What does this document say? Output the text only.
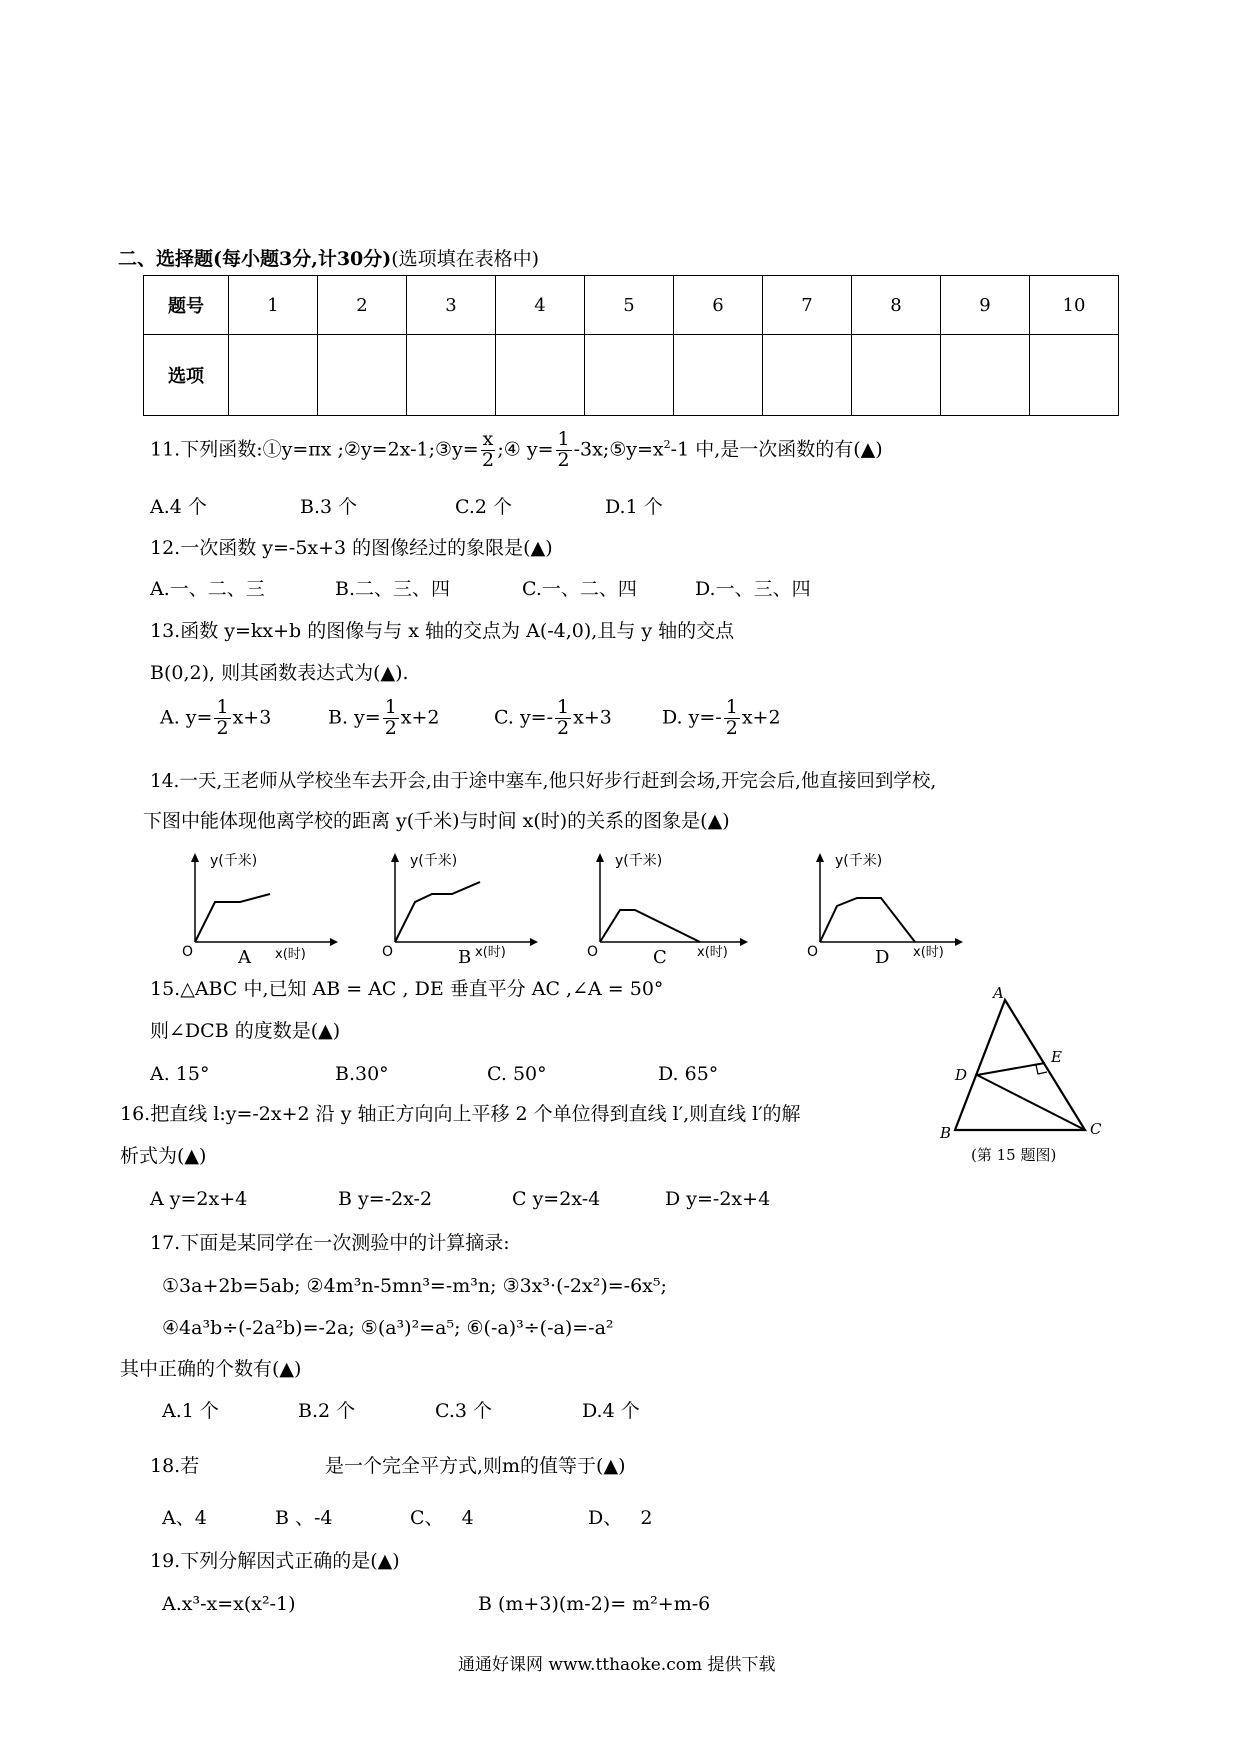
二、选择题(每小题3分,计30分)(选项填在表格中)
题号	1	2	3	4	5	6	7	8	9	10
选项										
11.下列函数:①y=πx ;②y=2x-1;③y= $\frac{x}{2}$ ;④ $y= \frac{1}{2}$ $-3x;⑤y=x^2-1$ 中,是一次函数的有(▲)
A.4 个	B.3 个	C.2 个	D.1 个
12.一次函数 y=-5x+3 的图像经过的象限是(▲)
A.一、二、三	B.二、三、四	C.一、二、四	D.一、三、四
13.函数 y=kx+b 的图像与与 x 轴的交点为 A(-4,0),且与 y 轴的交点
B(0,2), 则其函数表达式为(▲).
A. $y= \frac{1}{2} x+3$	B. $y= \frac{1}{2} x+2$	C. $y=- \frac{1}{2} x+3$	D. $y=- \frac{1}{2} x+2$
14.一天,王老师从学校坐车去开会,由于途中塞车,他只好步行赶到会场,开完会后,他直接回到学校,
下图中能体现他离学校的距离 y(千米)与时间 x(时)的关系的图象是(▲)
y(千米)
x(时)
O A
y(千米)
x(时)
O	B
y(千米)
x(时)
O	C
y(千米)
x(时)
O	D
15.△ABC 中,已知 AB = AC , DE 垂直平分 AC ,∠A = 50°
则∠DCB 的度数是(▲)
A. 15°	B.30°	C. 50°	D. 65°
A
B	C
D
E
(第 15 题图)
16.把直线 l:y=-2x+2 沿 y 轴正方向向上平移 2 个单位得到直线 l′,则直线 l′的解
析式为(▲)
A y=2x+4	B y=-2x-2	C y=2x-4	D y=-2x+4
17.下面是某同学在一次测验中的计算摘录:
①3a+2b=5ab; ②4m³n-5mn³=-m³n; ③3x³·(-2x²)=-6x⁵;
④4a³b÷(-2a²b)=-2a; ⑤(a³)²=a⁵; ⑥(-a)³÷(-a)=-a²
其中正确的个数有(▲)
A.1 个	B.2 个	C.3 个	D.4 个
18.若	是一个完全平方式,则m的值等于(▲)
A、4	B 、-4	C、   4	D、   2
19.下列分解因式正确的是(▲)
A.x³-x=x(x²-1)	B (m+3)(m-2)= m²+m-6
通通好课网 www.tthaoke.com 提供下载
